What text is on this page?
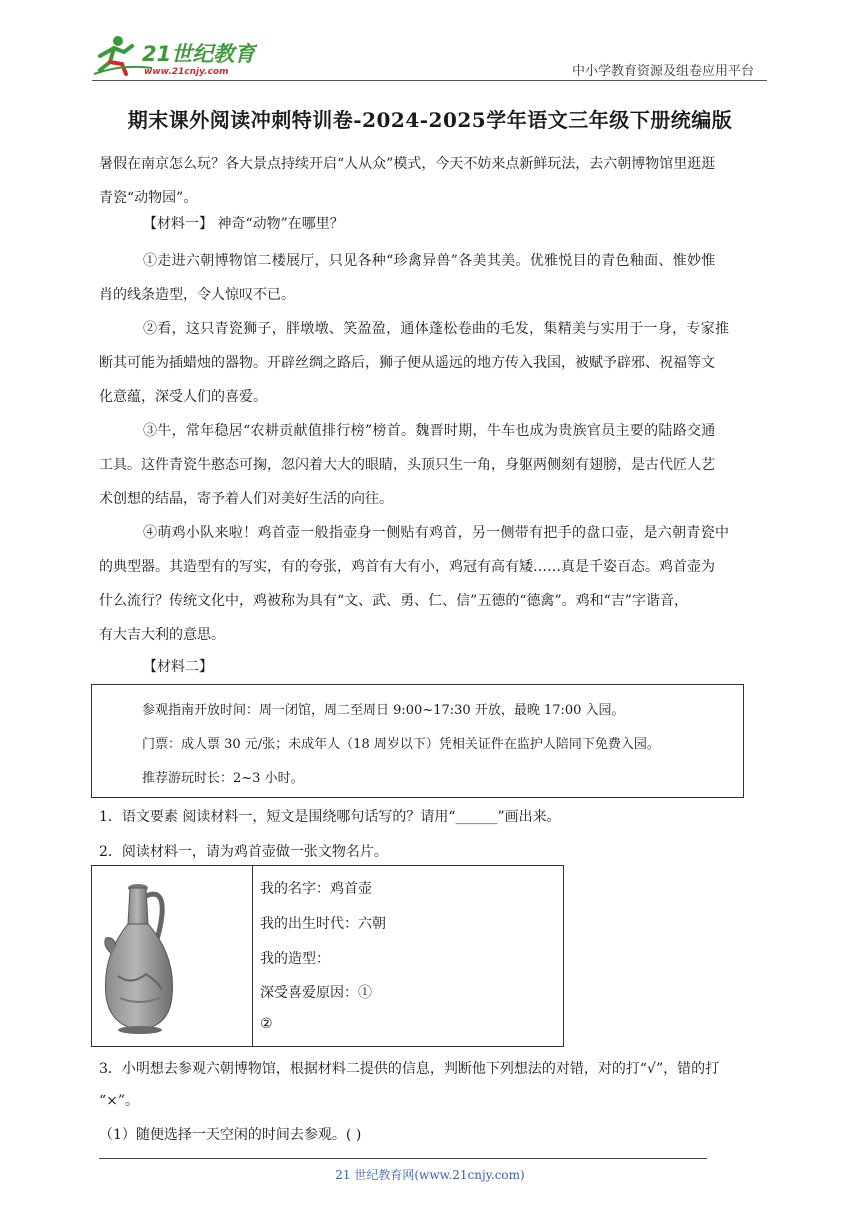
21世纪教育
www.21cnjy.com	中小学教育资源及组卷应用平台
期末课外阅读冲刺特训卷-2024-2025学年语文三年级下册统编版
暑假在南京怎么玩？各大景点持续开启“人从众”模式，今天不妨来点新鲜玩法，去六朝博物馆里逛逛
青瓷“动物园”。
【材料一】 神奇“动物”在哪里？
①走进六朝博物馆二楼展厅，只见各种“珍禽异兽”各美其美。优雅悦目的青色釉面、惟妙惟
肖的线条造型，令人惊叹不已。
②看，这只青瓷狮子，胖墩墩、笑盈盈，通体蓬松卷曲的毛发，集精美与实用于一身，专家推
断其可能为插蜡烛的器物。开辟丝绸之路后，狮子便从遥远的地方传入我国，被赋予辟邪、祝福等文
化意蕴，深受人们的喜爱。
③牛，常年稳居“农耕贡献值排行榜”榜首。魏晋时期，牛车也成为贵族官员主要的陆路交通
工具。这件青瓷牛憨态可掬，忽闪着大大的眼睛，头顶只生一角，身躯两侧刻有翅膀，是古代匠人艺
术创想的结晶，寄予着人们对美好生活的向往。
④萌鸡小队来啦！鸡首壶一般指壶身一侧贴有鸡首，另一侧带有把手的盘口壶，是六朝青瓷中
的典型器。其造型有的写实，有的夸张，鸡首有大有小，鸡冠有高有矮……真是千姿百态。鸡首壶为
什么流行？传统文化中，鸡被称为具有“文、武、勇、仁、信”五德的“德禽”。鸡和“吉”字谐音，
有大吉大利的意思。
【材料二】
参观指南开放时间：周一闭馆，周二至周日 9:00~17:30 开放，最晚 17:00 入园。
门票：成人票 30 元/张；未成年人（18 周岁以下）凭相关证件在监护人陪同下免费入园。
推荐游玩时长：2~3 小时。
1．语文要素 阅读材料一，短文是围绕哪句话写的？请用“______”画出来。
2．阅读材料一，请为鸡首壶做一张文物名片。
我的名字：鸡首壶
我的出生时代：六朝
我的造型：
深受喜爱原因：①
②
3．小明想去参观六朝博物馆，根据材料二提供的信息，判断他下列想法的对错，对的打“√”，错的打
“×”。
（1）随便选择一天空闲的时间去参观。( )
21 世纪教育网(www.21cnjy.com)
